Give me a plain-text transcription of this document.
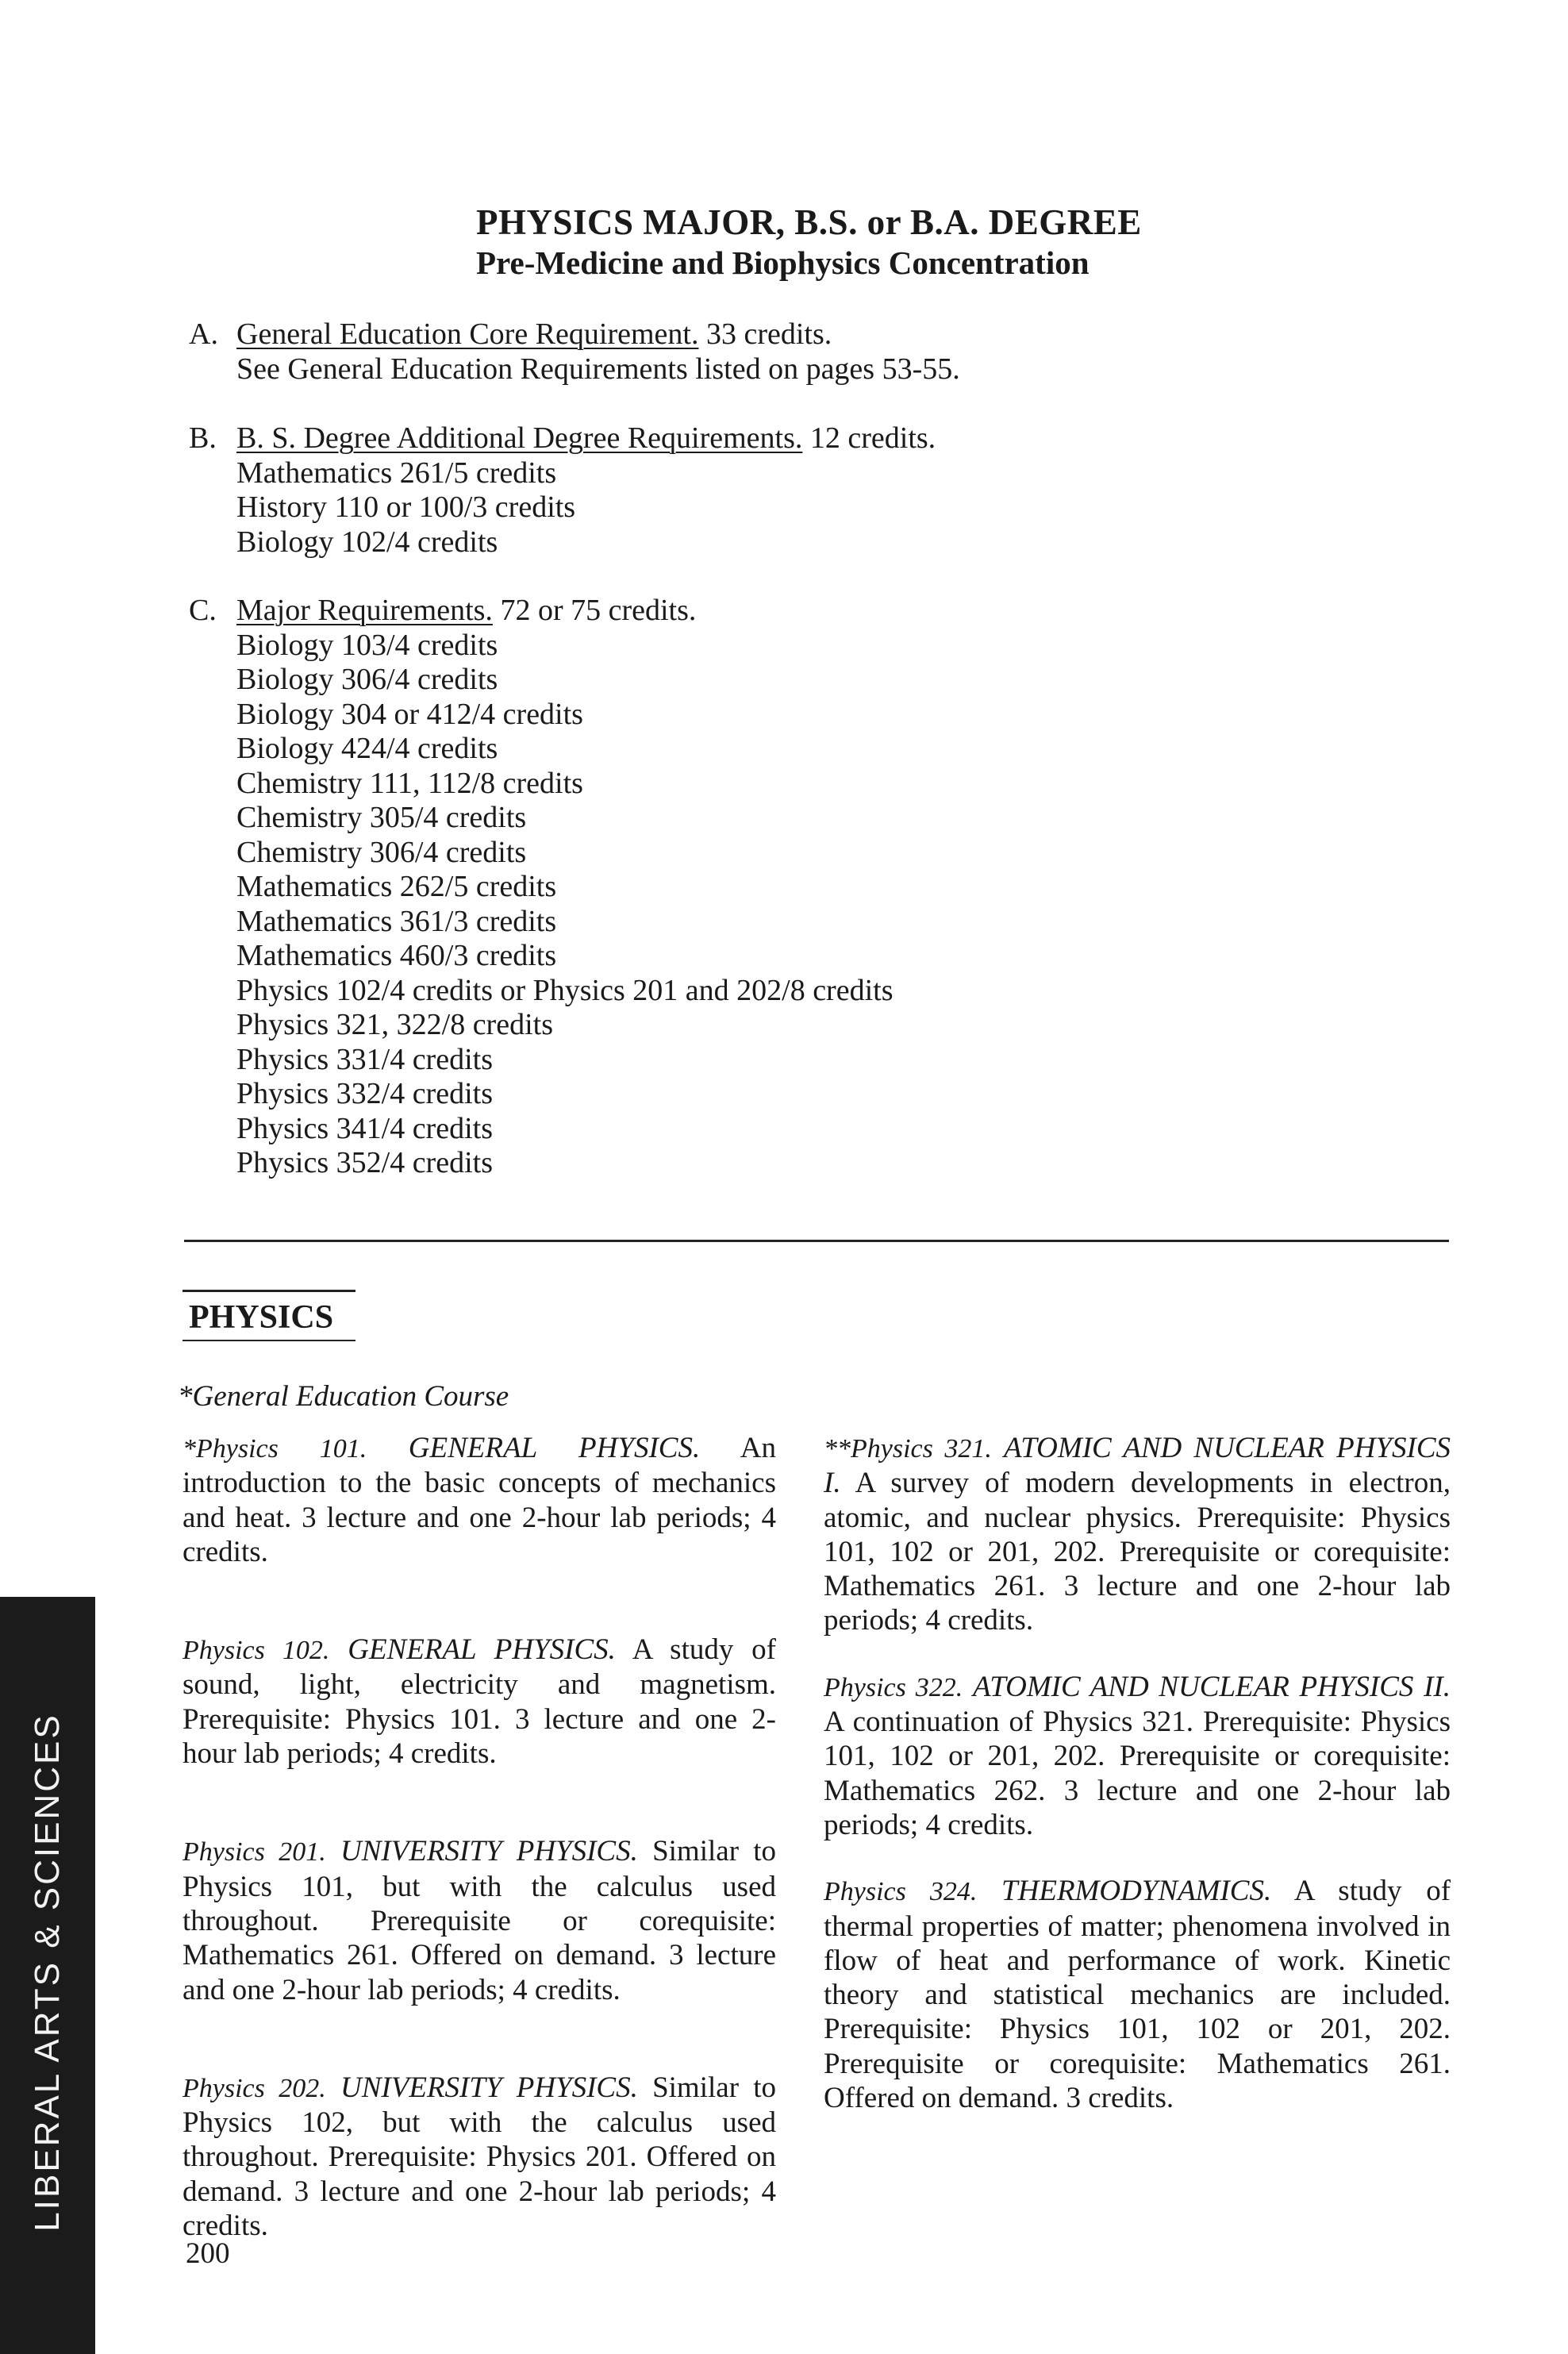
PHYSICS MAJOR, B.S. or B.A. DEGREE
Pre-Medicine and Biophysics Concentration
A. General Education Core Requirement. 33 credits.
See General Education Requirements listed on pages 53-55.
B. B. S. Degree Additional Degree Requirements. 12 credits.
Mathematics 261/5 credits
History 110 or 100/3 credits
Biology 102/4 credits
C. Major Requirements. 72 or 75 credits.
Biology 103/4 credits
Biology 306/4 credits
Biology 304 or 412/4 credits
Biology 424/4 credits
Chemistry 111, 112/8 credits
Chemistry 305/4 credits
Chemistry 306/4 credits
Mathematics 262/5 credits
Mathematics 361/3 credits
Mathematics 460/3 credits
Physics 102/4 credits or Physics 201 and 202/8 credits
Physics 321, 322/8 credits
Physics 331/4 credits
Physics 332/4 credits
Physics 341/4 credits
Physics 352/4 credits
PHYSICS
*General Education Course

*Physics 101. GENERAL PHYSICS. An introduction to the basic concepts of mechanics and heat. 3 lecture and one 2-hour lab periods; 4 credits.

Physics 102. GENERAL PHYSICS. A study of sound, light, electricity and magnetism. Prerequisite: Physics 101. 3 lecture and one 2-hour lab periods; 4 credits.

Physics 201. UNIVERSITY PHYSICS. Similar to Physics 101, but with the calculus used throughout. Prerequisite or corequisite: Mathematics 261. Offered on demand. 3 lecture and one 2-hour lab periods; 4 credits.

Physics 202. UNIVERSITY PHYSICS. Similar to Physics 102, but with the calculus used throughout. Prerequisite: Physics 201. Offered on demand. 3 lecture and one 2-hour lab periods; 4 credits.

**Physics 321. ATOMIC AND NUCLEAR PHYSICS I. A survey of modern developments in electron, atomic, and nuclear physics. Prerequisite: Physics 101, 102 or 201, 202. Prerequisite or corequisite: Mathematics 261. 3 lecture and one 2-hour lab periods; 4 credits.

Physics 322. ATOMIC AND NUCLEAR PHYSICS II. A continuation of Physics 321. Prerequisite: Physics 101, 102 or 201, 202. Prerequisite or corequisite: Mathematics 262. 3 lecture and one 2-hour lab periods; 4 credits.

Physics 324. THERMODYNAMICS. A study of thermal properties of matter; phenomena involved in flow of heat and performance of work. Kinetic theory and statistical mechanics are included. Prerequisite: Physics 101, 102 or 201, 202. Prerequisite or corequisite: Mathematics 261. Offered on demand. 3 credits.

LIBERAL ARTS & SCIENCES
200
